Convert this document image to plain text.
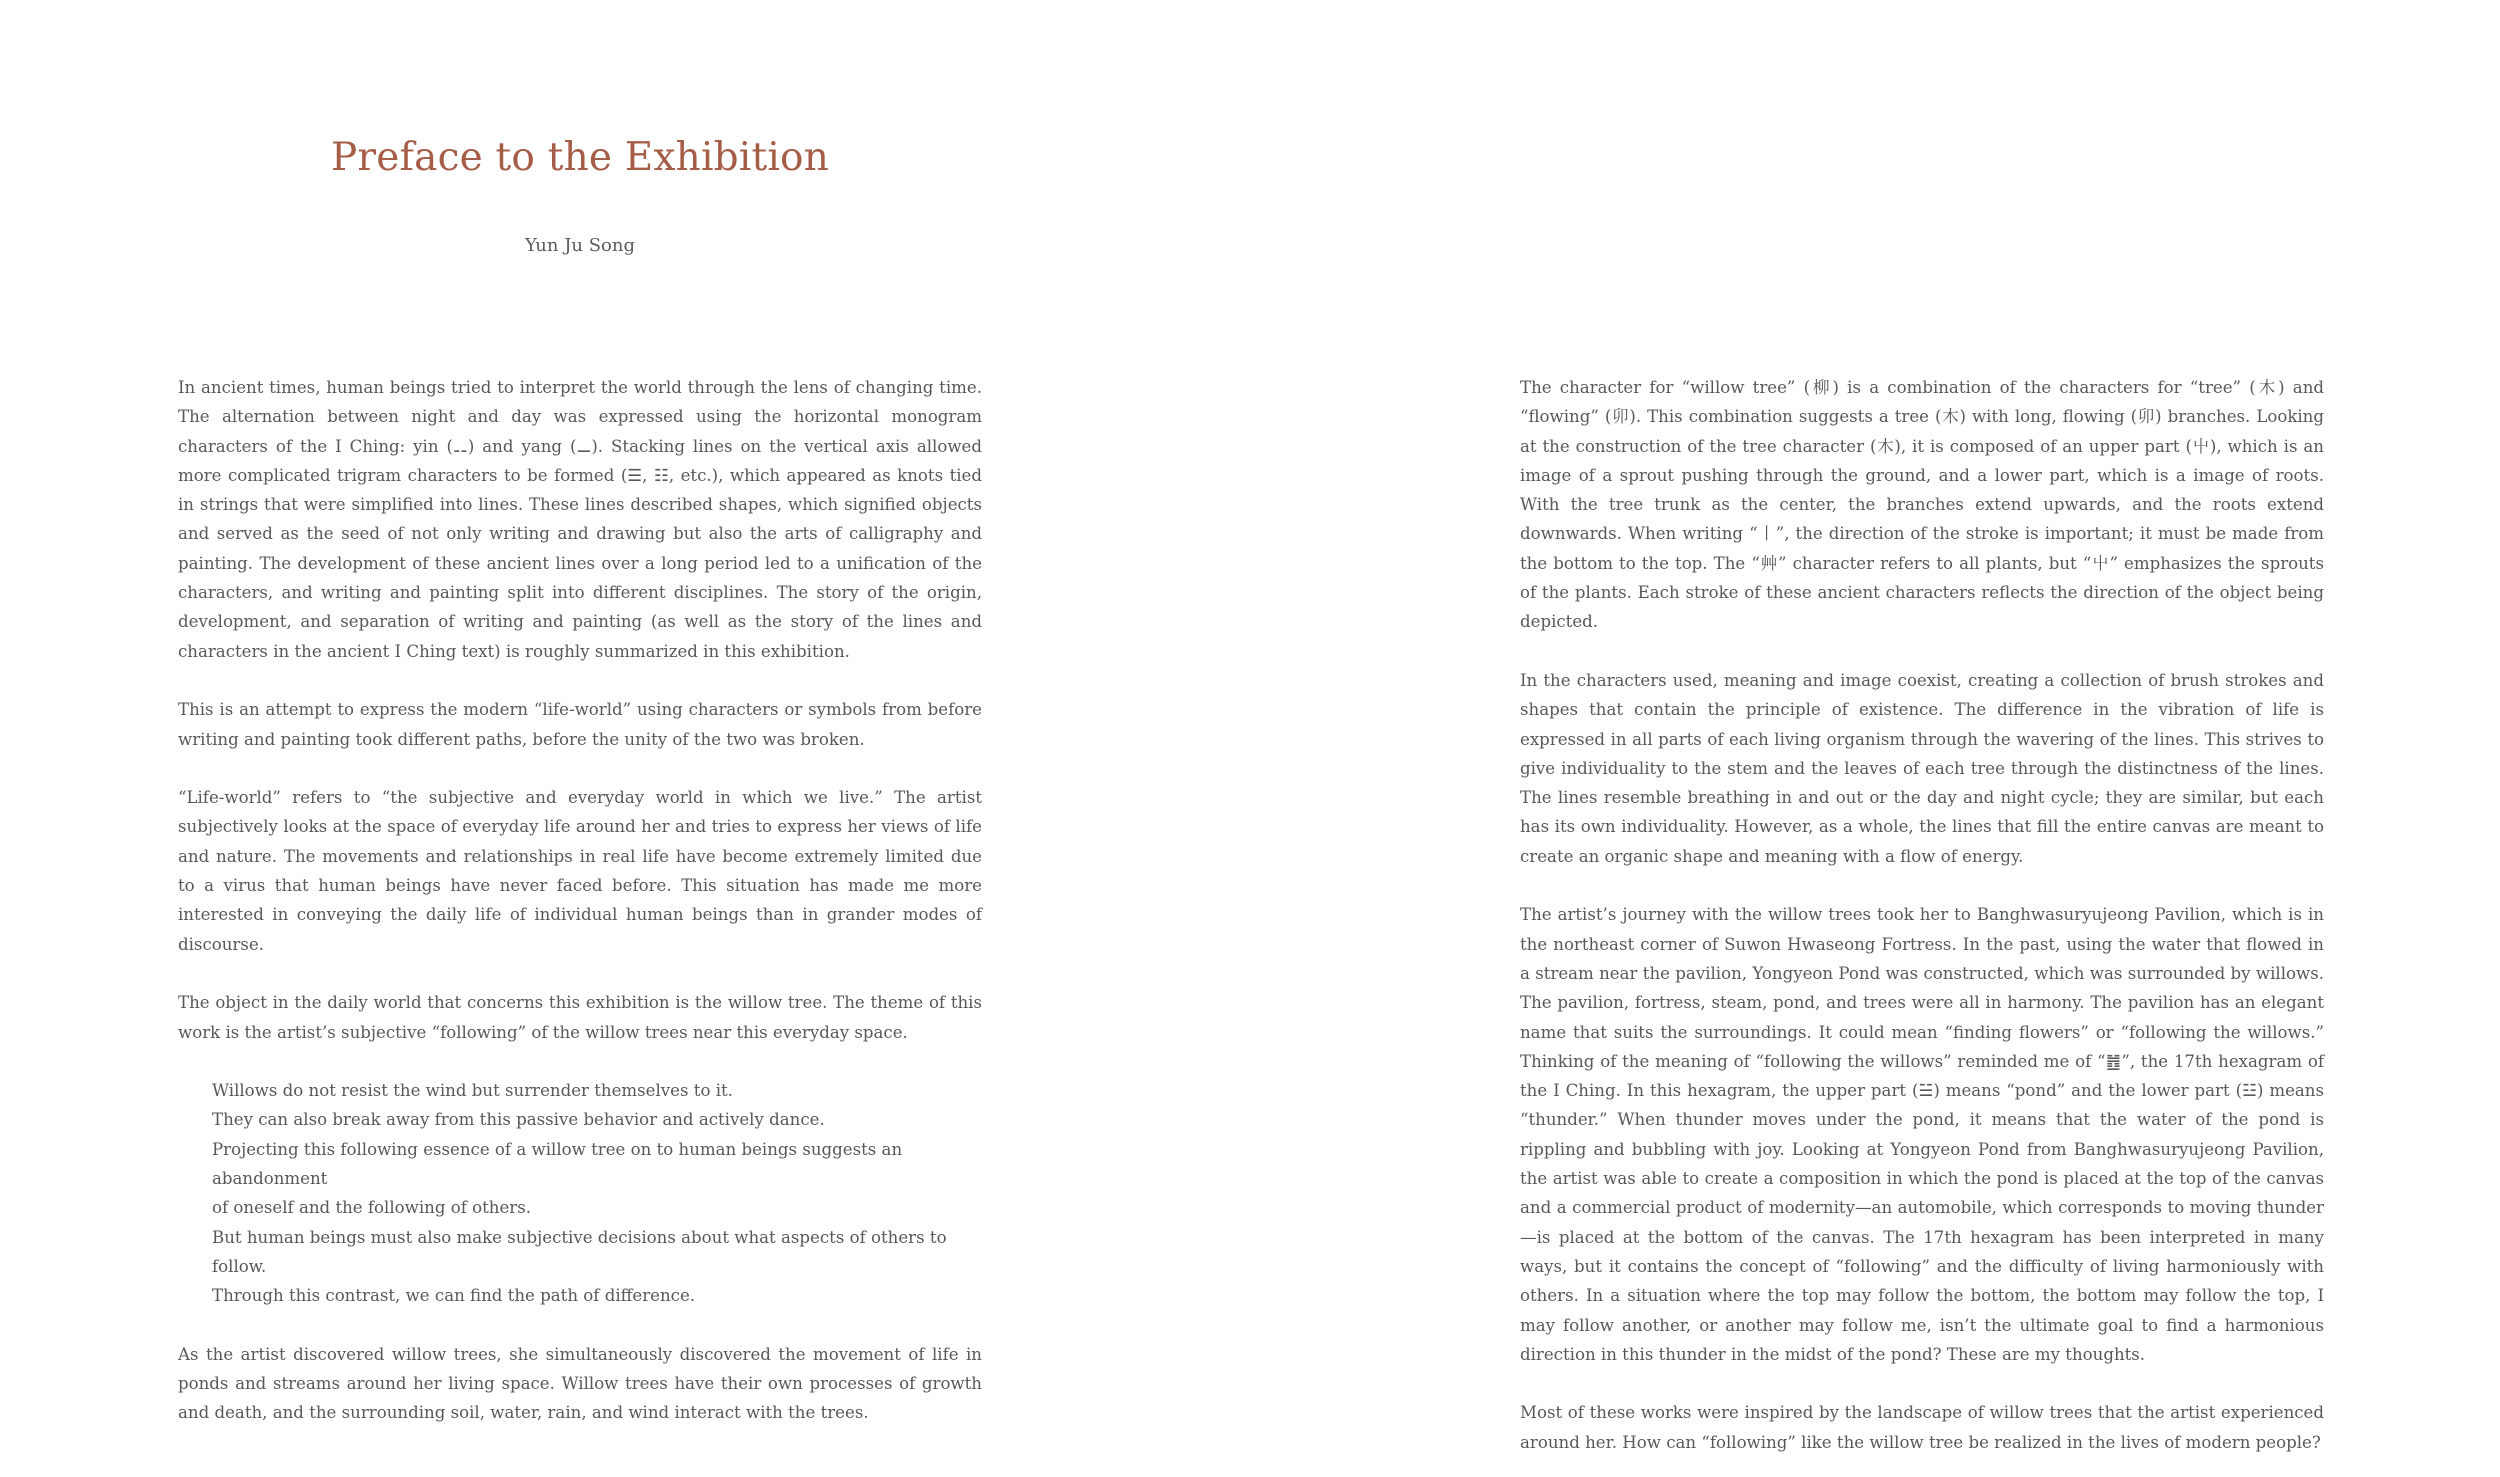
Preface to the Exhibition
Yun Ju Song

In ancient times, human beings tried to interpret the world through the lens of changing time. The alternation between night and day was expressed using the horizontal monogram characters of the I Ching: yin (⚋) and yang (⚊). Stacking lines on the vertical axis allowed more complicated trigram characters to be formed (☰, ☷, etc.), which appeared as knots tied in strings that were simplified into lines. These lines described shapes, which signified objects and served as the seed of not only writing and drawing but also the arts of calligraphy and painting. The development of these ancient lines over a long period led to a unification of the characters, and writing and painting split into different disciplines. The story of the origin, development, and separation of writing and painting (as well as the story of the lines and characters in the ancient I Ching text) is roughly summarized in this exhibition.

This is an attempt to express the modern “life-world” using characters or symbols from before writing and painting took different paths, before the unity of the two was broken.

“Life-world” refers to “the subjective and everyday world in which we live.” The artist subjectively looks at the space of everyday life around her and tries to express her views of life and nature. The movements and relationships in real life have become extremely limited due to a virus that human beings have never faced before. This situation has made me more interested in conveying the daily life of individual human beings than in grander modes of discourse.

The object in the daily world that concerns this exhibition is the willow tree. The theme of this work is the artist’s subjective “following” of the willow trees near this everyday space.

Willows do not resist the wind but surrender themselves to it.
They can also break away from this passive behavior and actively dance.
Projecting this following essence of a willow tree on to human beings suggests an abandonment
of oneself and the following of others.
But human beings must also make subjective decisions about what aspects of others to follow.
Through this contrast, we can find the path of difference.

As the artist discovered willow trees, she simultaneously discovered the movement of life in ponds and streams around her living space. Willow trees have their own processes of growth and death, and the surrounding soil, water, rain, and wind interact with the trees.

The character for “willow tree” (柳) is a combination of the characters for “tree” (木) and “flowing” (卯). This combination suggests a tree (木) with long, flowing (卯) branches. Looking at the construction of the tree character (木), it is composed of an upper part (屮), which is an image of a sprout pushing through the ground, and a lower part, which is a image of roots. With the tree trunk as the center, the branches extend upwards, and the roots extend downwards. When writing “丨”, the direction of the stroke is important; it must be made from the bottom to the top. The “艸” character refers to all plants, but “屮” emphasizes the sprouts of the plants. Each stroke of these ancient characters reflects the direction of the object being depicted.

In the characters used, meaning and image coexist, creating a collection of brush strokes and shapes that contain the principle of existence. The difference in the vibration of life is expressed in all parts of each living organism through the wavering of the lines. This strives to give individuality to the stem and the leaves of each tree through the distinctness of the lines. The lines resemble breathing in and out or the day and night cycle; they are similar, but each has its own individuality. However, as a whole, the lines that fill the entire canvas are meant to create an organic shape and meaning with a flow of energy.

The artist’s journey with the willow trees took her to Banghwasuryujeong Pavilion, which is in the northeast corner of Suwon Hwaseong Fortress. In the past, using the water that flowed in a stream near the pavilion, Yongyeon Pond was constructed, which was surrounded by willows. The pavilion, fortress, steam, pond, and trees were all in harmony. The pavilion has an elegant name that suits the surroundings. It could mean “finding flowers” or “following the willows.” Thinking of the meaning of “following the willows” reminded me of “䷐”, the 17th hexagram of the I Ching. In this hexagram, the upper part (☱) means “pond” and the lower part (☳) means “thunder.” When thunder moves under the pond, it means that the water of the pond is rippling and bubbling with joy. Looking at Yongyeon Pond from Banghwasuryujeong Pavilion, the artist was able to create a composition in which the pond is placed at the top of the canvas and a commercial product of modernity—an automobile, which corresponds to moving thunder—is placed at the bottom of the canvas. The 17th hexagram has been interpreted in many ways, but it contains the concept of “following” and the difficulty of living harmoniously with others. In a situation where the top may follow the bottom, the bottom may follow the top, I may follow another, or another may follow me, isn’t the ultimate goal to find a harmonious direction in this thunder in the midst of the pond? These are my thoughts.

Most of these works were inspired by the landscape of willow trees that the artist experienced around her. How can “following” like the willow tree be realized in the lives of modern people?
